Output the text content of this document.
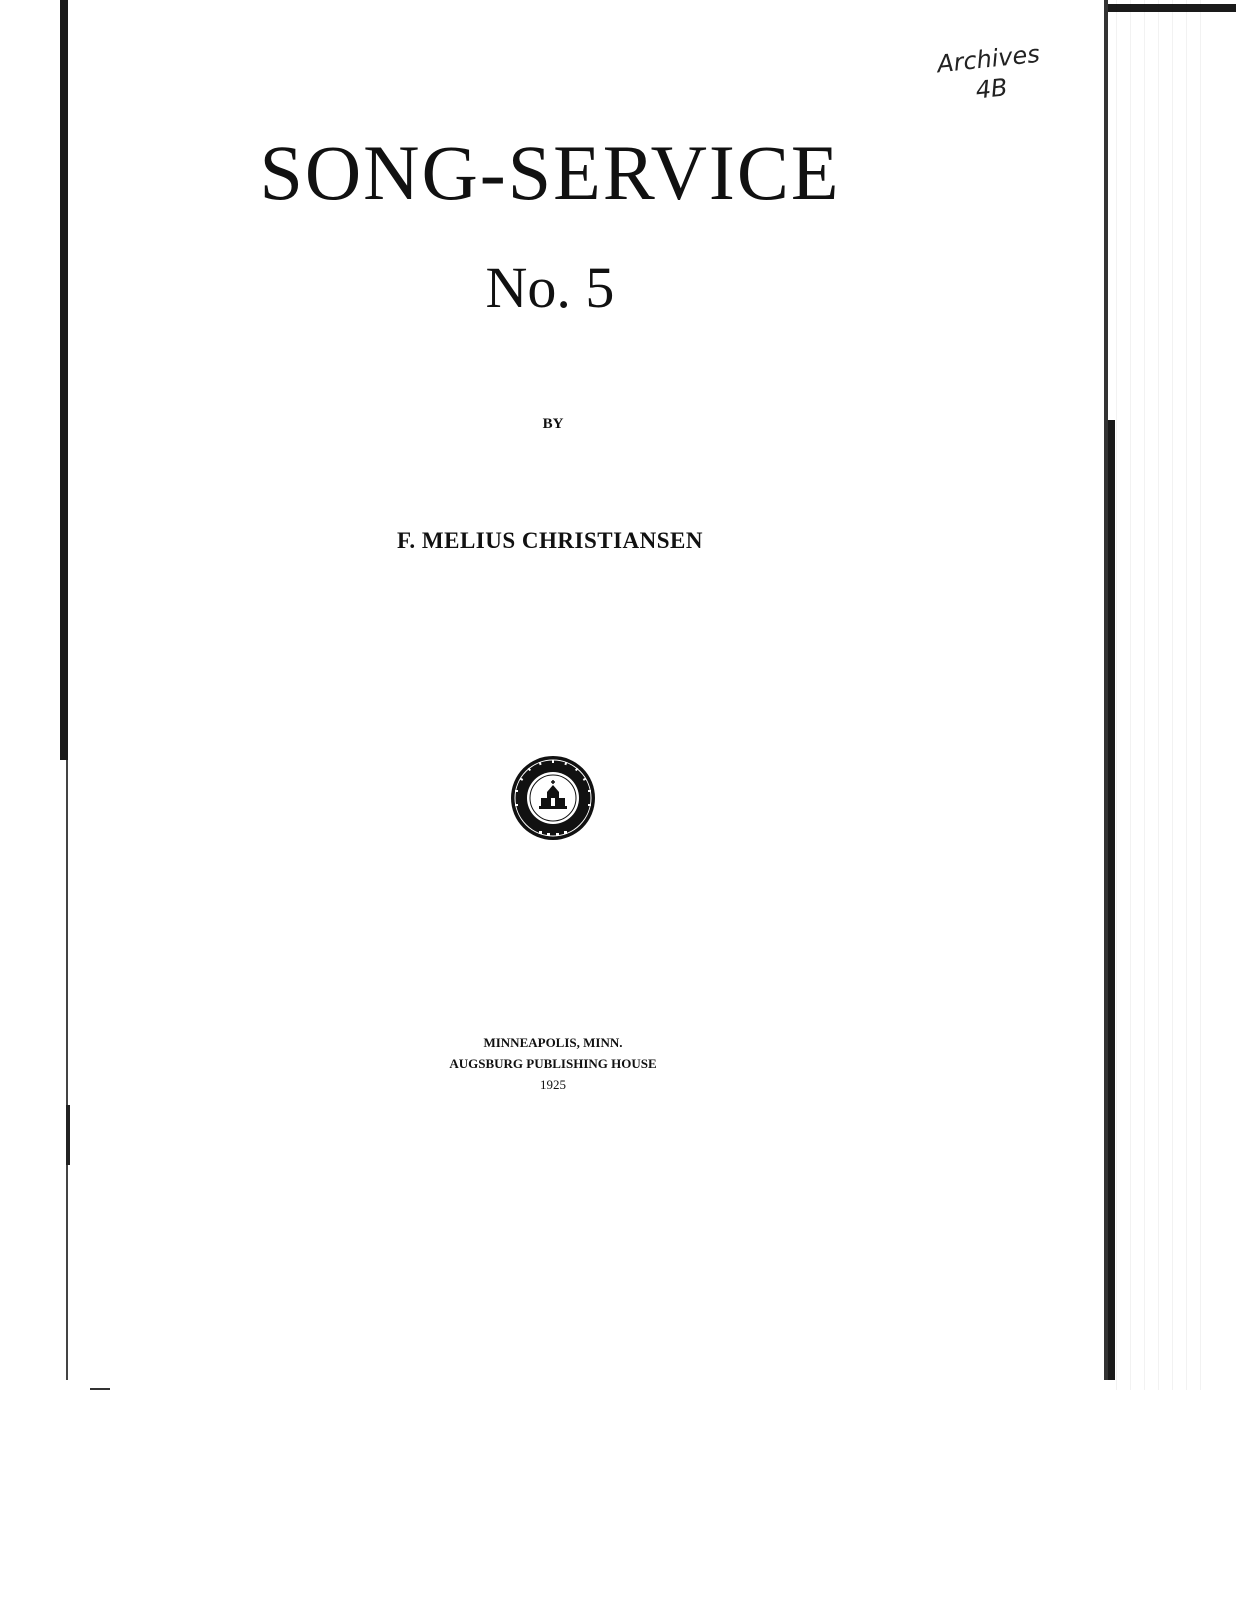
Archives
4B
SONG-SERVICE
No. 5
BY
F. MELIUS CHRISTIANSEN
MINNEAPOLIS, MINN.
AUGSBURG PUBLISHING HOUSE
1925
